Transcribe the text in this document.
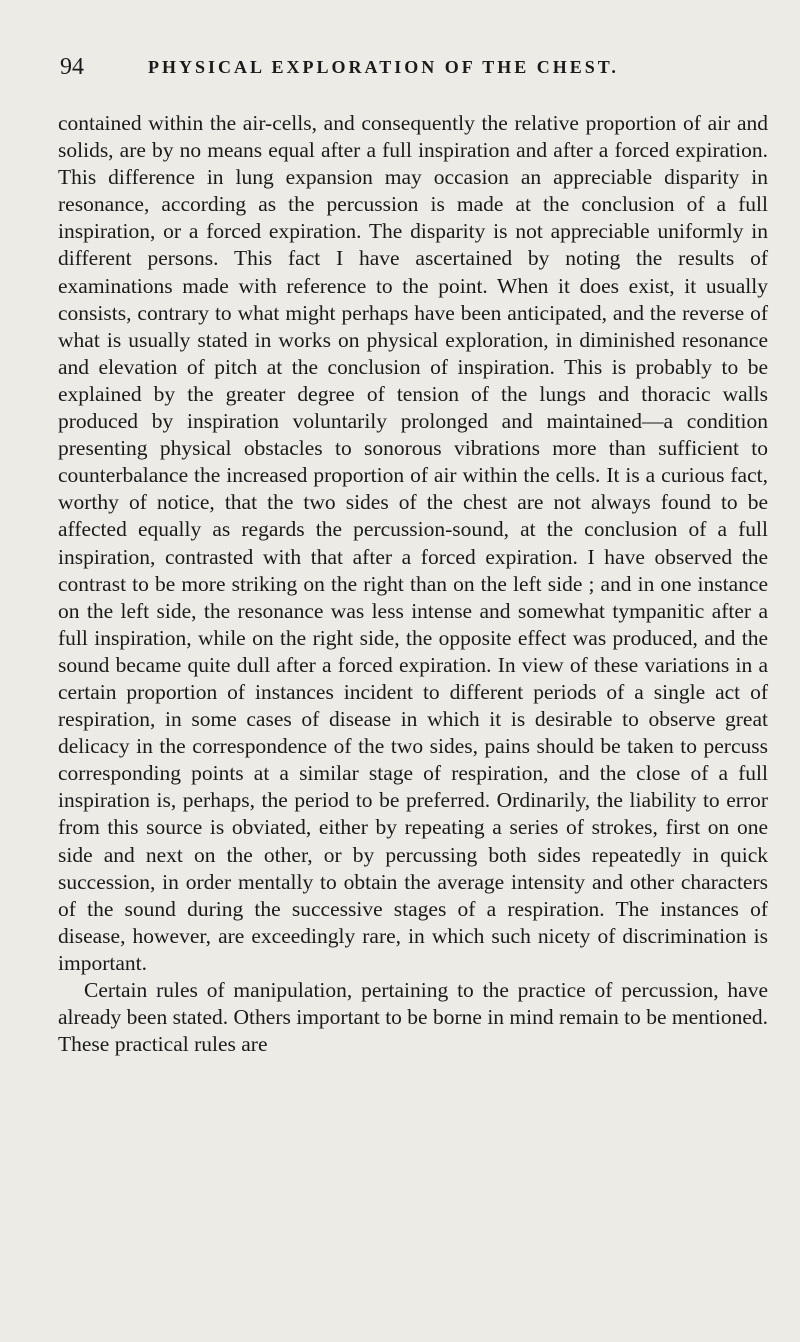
94	PHYSICAL EXPLORATION OF THE CHEST.

contained within the air-cells, and consequently the relative proportion of air and solids, are by no means equal after a full inspiration and after a forced expiration. This difference in lung expansion may occasion an appreciable disparity in resonance, according as the percussion is made at the conclusion of a full inspiration, or a forced expiration. The disparity is not appreciable uniformly in different persons. This fact I have ascertained by noting the results of examinations made with reference to the point. When it does exist, it usually consists, contrary to what might perhaps have been anticipated, and the reverse of what is usually stated in works on physical exploration, in diminished resonance and elevation of pitch at the conclusion of inspiration. This is probably to be explained by the greater degree of tension of the lungs and thoracic walls produced by inspiration voluntarily prolonged and maintained—a condition presenting physical obstacles to sonorous vibrations more than sufficient to counterbalance the increased proportion of air within the cells. It is a curious fact, worthy of notice, that the two sides of the chest are not always found to be affected equally as regards the percussion-sound, at the conclusion of a full inspiration, contrasted with that after a forced expiration. I have observed the contrast to be more striking on the right than on the left side ; and in one instance on the left side, the resonance was less intense and somewhat tympanitic after a full inspiration, while on the right side, the opposite effect was produced, and the sound became quite dull after a forced expiration. In view of these variations in a certain proportion of instances incident to different periods of a single act of respiration, in some cases of disease in which it is desirable to observe great delicacy in the correspondence of the two sides, pains should be taken to percuss corresponding points at a similar stage of respiration, and the close of a full inspiration is, perhaps, the period to be preferred. Ordinarily, the liability to error from this source is obviated, either by repeating a series of strokes, first on one side and next on the other, or by percussing both sides repeatedly in quick succession, in order mentally to obtain the average intensity and other characters of the sound during the successive stages of a respiration. The instances of disease, however, are exceedingly rare, in which such nicety of discrimination is important.

Certain rules of manipulation, pertaining to the practice of percussion, have already been stated. Others important to be borne in mind remain to be mentioned. These practical rules are
